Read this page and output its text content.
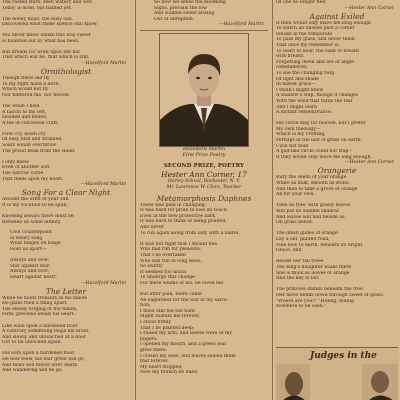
The rusted stars, seen watery and wet.
Today is done, but bathed yet.

The honey must, the busy sun.
Discovered what these silence still know.
You never know unlike this way sweet
Is haunted out by what has been.

But dreads for work upon the hill
That which will be, that which is still.
—Hazelford Martin
Ornithologist
Though there did fly
To my right hand a dove,
Which would not fly
Nor flattered me, nor moved,

The while I held
A falcon to my left,
Hooded and belled,
A fee of conceived craft,

First cry, down cry
Of easy bird and strained,
Soars would overthrow
The proud beak from the Head.

I only knew
Even of another sort
The narrow curse
That feeds upon my heart.
—Hazelford Martin
Song For a Clear Night
Around the orbit of your sun
It is my vocation to be spun,

Knowing always there must be
Between us some infinity.
Cool counterpoint
Is weary song
What hinges on hinge
Hold us apart—

Always and ever,
Star against star;
Always and ever,
Heart against heart.
—Hazelford Martin
The Letter
While he holds treasury in his hands
He gains then a thing apart,
The steady forging of the hands,
Firm, precious ideals his heart.

Like wine upon a hardened floor
A contrary something leaps his brain.
And slowly and untouched at a door
Got to be unlocked again.

His ears upon a hardened floor
He now feels, his fear great will go,
And tears will follow after death
And wandering will he go.
So now we sense the blooming
Signs, prevails the low
And sudden-sweet arising
Out of abruption.
—Hazelford Martin
Hazelford Martin
First Prize Poetry
SECOND PRIZE, POETRY
Hester Ann Corner, 17
Harley School, Rochester, N. Y.
Mr. Lawrence W. Clore, Teacher
Metamorphosis Daphnes
There was pain in changing;
It was hard for pride to lose its touch
Even at the new protective bark.
It was hard to think of being planted,
And never
To run again along from lady with a laurel.

It was not right that I should flee
Who had run for pleasure,
That I be overtaken
Who will run in long skies,
So swiftly
It seemed too much
To undergo this change
For mere whims of his, he loved me.

But after pain, there came
An eagerness for the war of my salva-
tion;
I must still the the bark
Might sustain me forever,
I stood firmly
That I be planted deep;
I raised my arm, and leaves were at my
fingers;
I opened my mouth, and a green leaf
grew there.
I closed my eyes, and leaves sealed them
that forever.
My heart stopped;
Now my branch be lined.
Of one no longer fled.
—Hester Ann Corner
Against Exiled
If then would only leave me long enough
To watch an unseen past a corner
Smoke in the temperate
To pass my glass, and never think
That once my remember is,
To learn to hear; the taint of breath
with breath.
Forgetting dwell and are of angle
remembered;
To see the changing twig
Of light and shade
In barest grass—
I think I might know
A shadow's step, though it changes
With the wind that turns the leaf
And I might learn
A distant remembrance.

His circle may for heaven, but I prefer
My own theology—
Which is my crofting,
Perhaps in the last of grass on earth.
I will not hold
A god-like circle could not trap—
If they would only leave me long enough.
—Hester Ann Corner
Orangerie
Bury the seeds of your orange
White as milk, smooth as stone.
And then in time a grove of orange
All for your own.

Then as tree, with glassy leaves
Will put its sudden shadow
And leaves will nod beside us
On grass below.

The dawn glides of orange
Lay a old, plaited road,
Fine bow to earth, beneath its bright
Grace, and.

Beside her tall trees
The king's daughter walks there
She is thick as leaves of orange
And the key is fair.

The princess stands beneath the tree
Her laces bends down through sweet of grass.
"Where are you?" "Hiding, hiding
Nowhere to be seen."
Judges in the
